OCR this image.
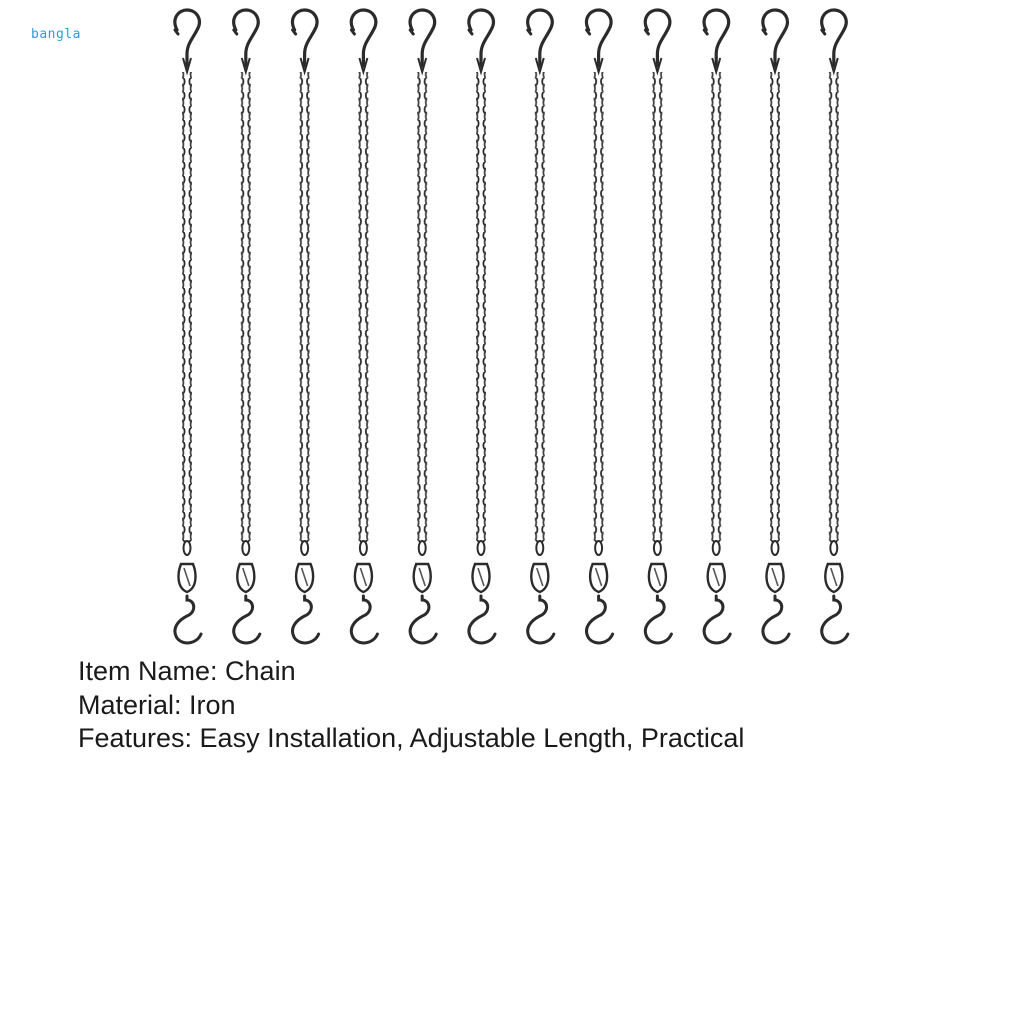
bangla
Item Name: Chain
Material: Iron
Features: Easy Installation, Adjustable Length, Practical
